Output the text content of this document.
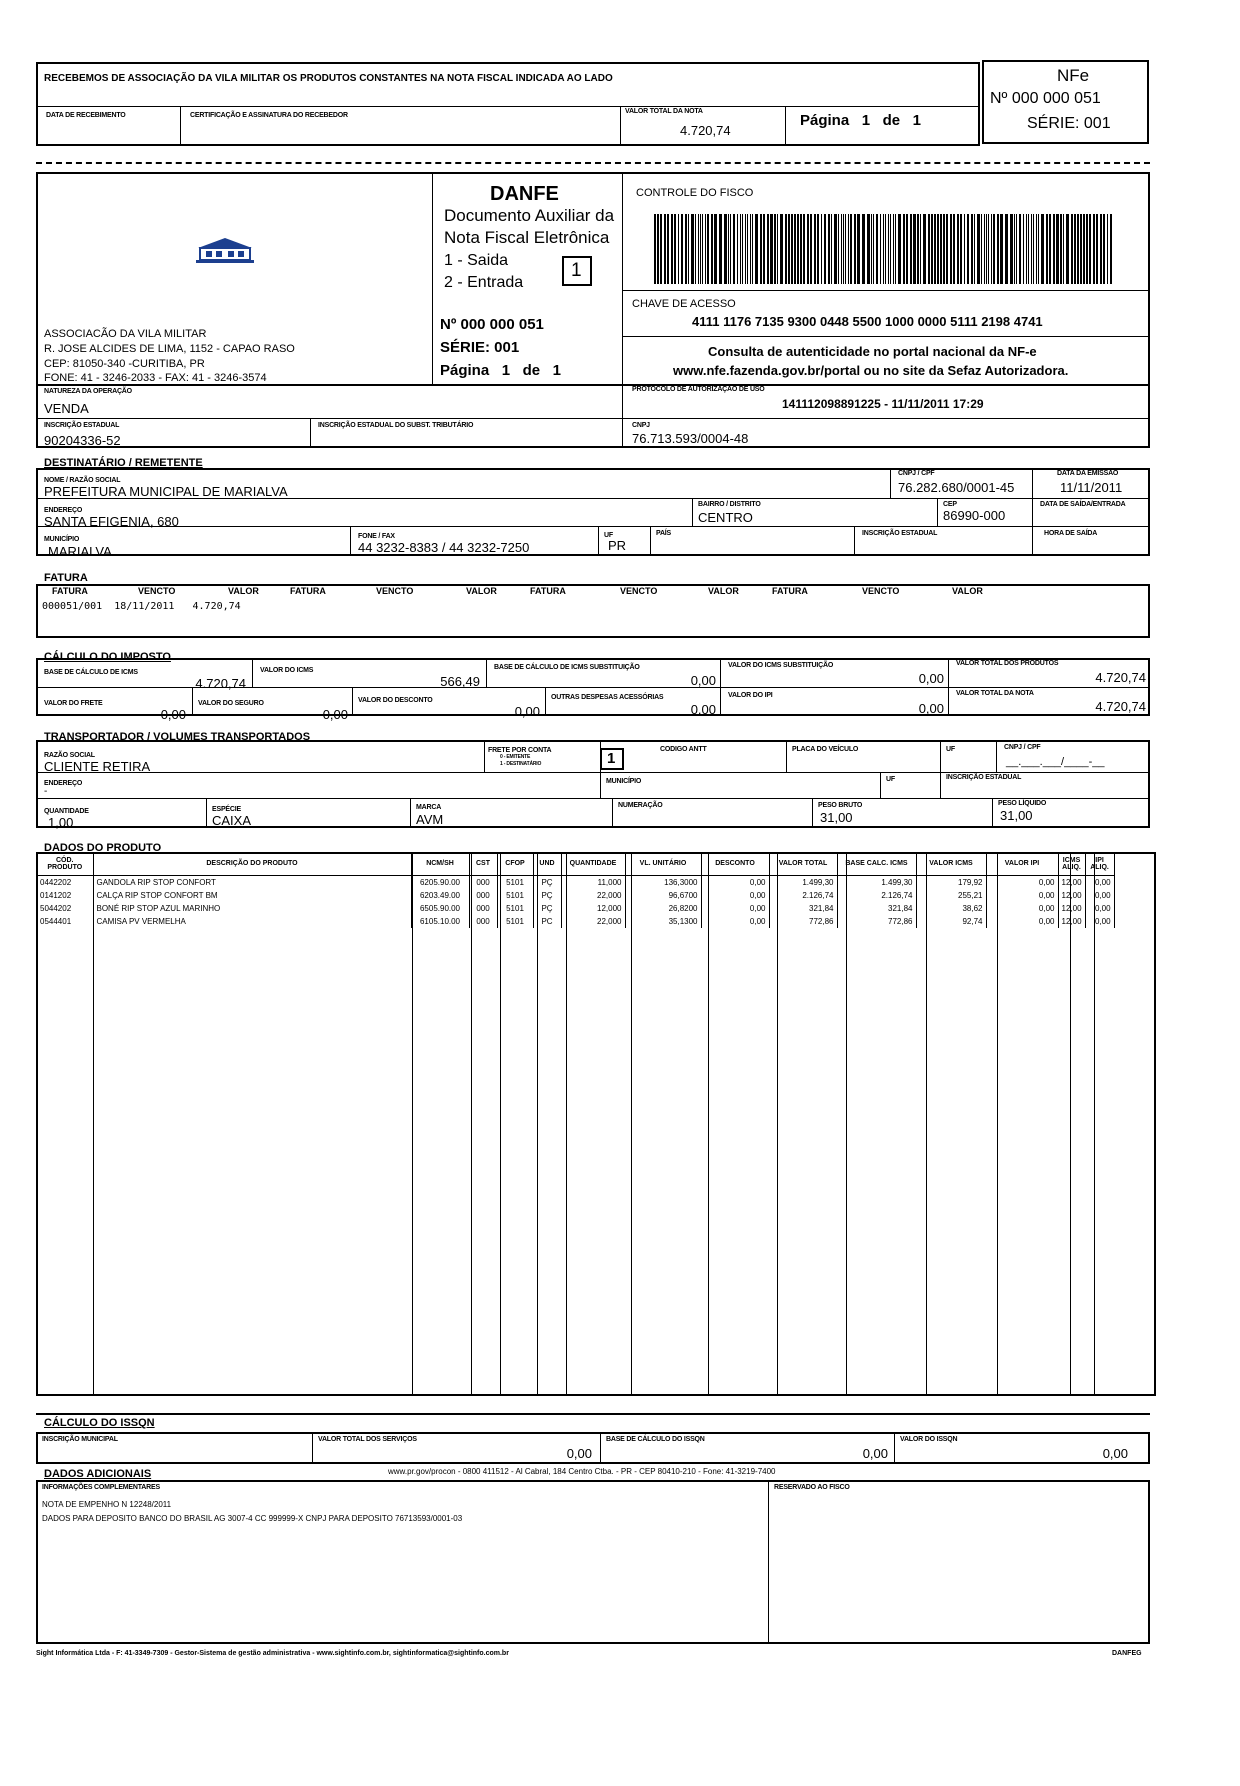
RECEBEMOS DE ASSOCIAÇÃO DA VILA MILITAR OS PRODUTOS CONSTANTES NA NOTA FISCAL INDICADA AO LADO
DATA DE RECEBIMENTO	CERTIFICAÇÃO E ASSINATURA DO RECEBEDOR
VALOR TOTAL DA NOTA
4.720,74
Página 1 de 1
NFe
Nº 000 000 051
SÉRIE: 001
ASSOCIACÃO DA VILA MILITAR
R. JOSE ALCIDES DE LIMA, 1152 - CAPAO RASO
CEP: 81050-340 -CURITIBA, PR
FONE: 41 - 3246-2033 - FAX: 41 - 3246-3574
DANFE
Documento Auxiliar da
Nota Fiscal Eletrônica
1 - Saida
2 - Entrada
1
Nº 000 000 051
SÉRIE: 001
Página 1 de 1
CONTROLE DO FISCO
CHAVE DE ACESSO
4111 1176 7135 9300 0448 5500 1000 0000 5111 2198 4741
Consulta de autenticidade no portal nacional da NF-e
www.nfe.fazenda.gov.br/portal ou no site da Sefaz Autorizadora.
NATUREZA DA OPERAÇÃO
VENDA
PROTOCOLO DE AUTORIZAÇÃO DE USO
141112098891225 - 11/11/2011 17:29
INSCRIÇÃO ESTADUAL
90204336-52
INSCRIÇÃO ESTADUAL DO SUBST. TRIBUTÁRIO	CNPJ
76.713.593/0004-48
DESTINATÁRIO / REMETENTE
NOME / RAZÃO SOCIAL
PREFEITURA MUNICIPAL DE MARIALVA
CNPJ / CPF
76.282.680/0001-45
DATA DA EMISSÃO
11/11/2011
ENDEREÇO
SANTA EFIGENIA, 680
BAIRRO / DISTRITO
CENTRO
CEP
86990-000
DATA DE SAÍDA/ENTRADA
MUNICÍPIO
MARIALVA
FONE / FAX
44 3232-8383 / 44 3232-7250
UF
PR
PAÍS	INSCRIÇÃO ESTADUAL	HORA DE SAÍDA
FATURA
FATURA	VENCTO	VALOR	FATURA	VENCTO	VALOR	FATURA	VENCTO	VALOR	FATURA	VENCTO	VALOR
000051/001  18/11/2011   4.720,74
CÁLCULO DO IMPOSTO
BASE DE CÁLCULO DE ICMS
4.720,74
VALOR DO ICMS
566,49
BASE DE CÁLCULO DE ICMS SUBSTITUIÇÃO
0,00
VALOR DO ICMS SUBSTITUIÇÃO
0,00
VALOR TOTAL DOS PRODUTOS
4.720,74
VALOR DO FRETE
0,00
VALOR DO SEGURO
0,00
VALOR DO DESCONTO
0,00
OUTRAS DESPESAS ACESSÓRIAS
0,00
VALOR DO IPI
0,00
VALOR TOTAL DA NOTA
4.720,74
TRANSPORTADOR / VOLUMES TRANSPORTADOS
RAZÃO SOCIAL
CLIENTE RETIRA
FRETE POR CONTA
0 - EMITENTE
1 - DESTINATÁRIO	1
CODIGO ANTT	PLACA DO VEÍCULO	UF	CNPJ / CPF
__.___.___/____-__
ENDEREÇO
-
MUNICÍPIO	UF	INSCRIÇÃO ESTADUAL
QUANTIDADE
1,00
ESPÉCIE
CAIXA
MARCA
AVM
NUMERAÇÃO	PESO BRUTO
31,00
PESO LÍQUIDO
31,00
DADOS DO PRODUTO
CÓD. PRODUTO	DESCRIÇÃO DO PRODUTO	NCM/SH	CST	CFOP	UND	QUANTIDADE	VL. UNITÁRIO	DESCONTO	VALOR TOTAL	BASE CALC. ICMS	VALOR ICMS	VALOR IPI	ICMS ALIQ.	IPI ALIQ.
0442202	GANDOLA RIP STOP CONFORT	6205.90.00	000	5101	PÇ	11,000	136,3000	0,00	1.499,30	1.499,30	179,92	0,00	12,00	0,00
0141202	CALÇA RIP STOP CONFORT BM	6203.49.00	000	5101	PÇ	22,000	96,6700	0,00	2.126,74	2.126,74	255,21	0,00	12,00	0,00
5044202	BONÉ RIP STOP AZUL MARINHO	6505.90.00	000	5101	PÇ	12,000	26,8200	0,00	321,84	321,84	38,62	0,00	12,00	0,00
0544401	CAMISA PV VERMELHA	6105.10.00	000	5101	PC	22,000	35,1300	0,00	772,86	772,86	92,74	0,00	12,00	0,00
CÁLCULO DO ISSQN
INSCRIÇÃO MUNICIPAL	VALOR TOTAL DOS SERVIÇOS
0,00
BASE DE CÁLCULO DO ISSQN
0,00
VALOR DO ISSQN
0,00
DADOS ADICIONAIS	www.pr.gov/procon - 0800 411512 - Al Cabral, 184 Centro Ctba. - PR - CEP 80410-210 - Fone: 41-3219-7400
INFORMAÇÕES COMPLEMENTARES
NOTA DE EMPENHO N 12248/2011
DADOS PARA DEPOSITO BANCO DO BRASIL AG 3007-4 CC 999999-X CNPJ PARA DEPOSITO 76713593/0001-03
RESERVADO AO FISCO
Sight Informática Ltda - F: 41-3349-7309 - Gestor-Sistema de gestão administrativa - www.sightinfo.com.br, sightinformatica@sightinfo.com.br	DANFEG
